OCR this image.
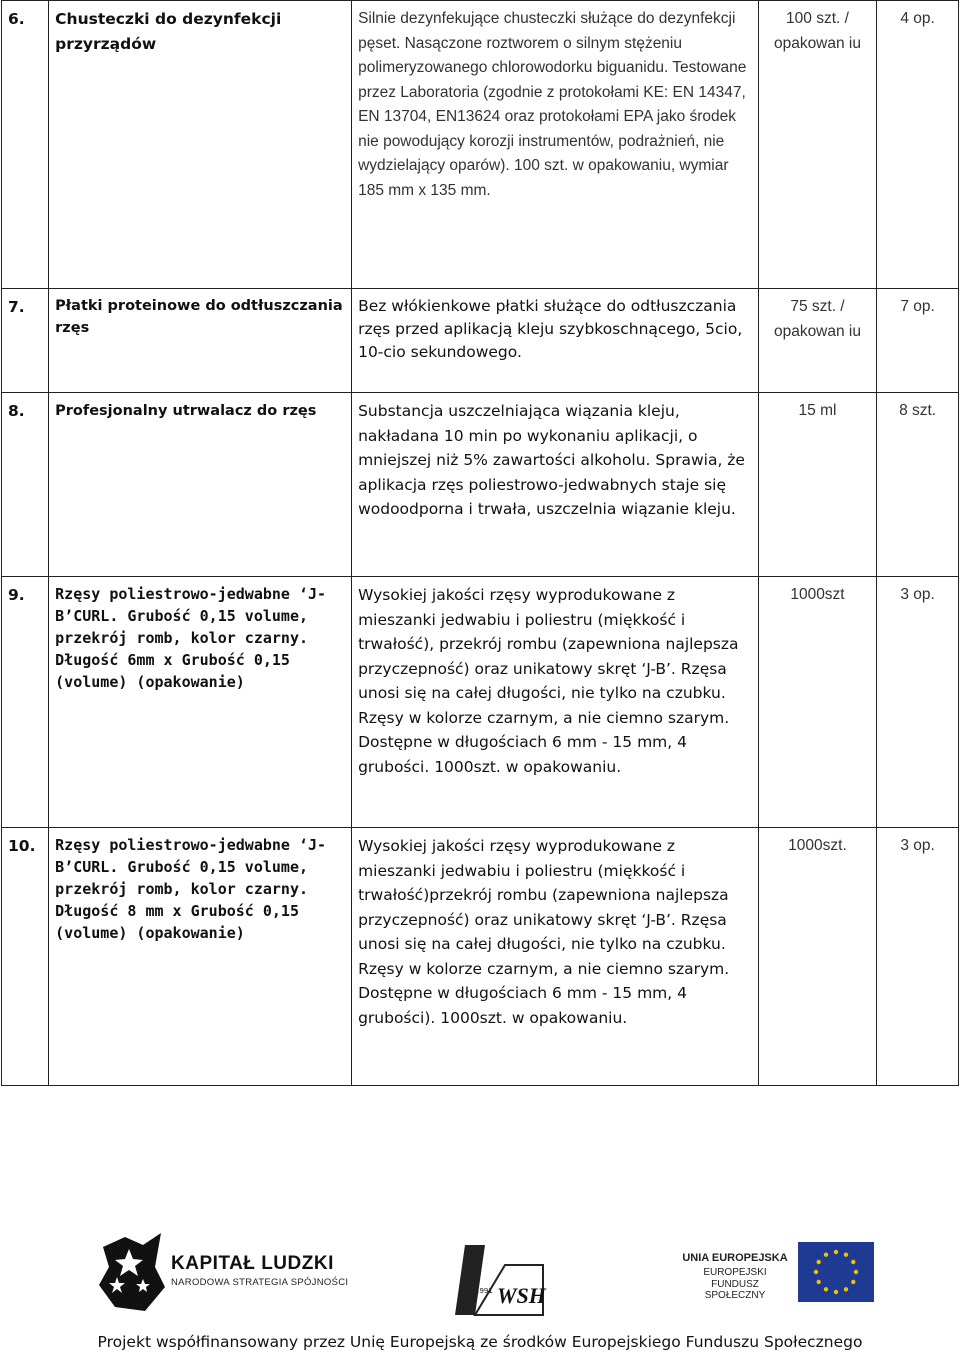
6.	Chusteczki do dezynfekcji przyrządów	Silnie dezynfekujące chusteczki służące do dezynfekcji pęset. Nasączone roztworem o silnym stężeniu polimeryzowanego chlorowodorku biguanidu. Testowane przez Laboratoria (zgodnie z protokołami KE: EN 14347, EN 13704, EN13624 oraz protokołami EPA jako środek nie powodujący korozji instrumentów, podrażnień, nie wydzielający oparów). 100 szt. w opakowaniu, wymiar 185 mm x 135 mm.	100 szt. / opakowan iu	4 op.
7.	Płatki proteinowe do odtłuszczania rzęs	Bez włókienkowe płatki służące do odtłuszczania rzęs przed aplikacją kleju szybkoschnącego, 5cio, 10-cio sekundowego.	75 szt. / opakowan iu	7 op.
8.	Profesjonalny utrwalacz do rzęs	Substancja uszczelniająca wiązania kleju, nakładana 10 min po wykonaniu aplikacji, o mniejszej niż 5% zawartości alkoholu. Sprawia, że aplikacja rzęs poliestrowo-jedwabnych staje się wodoodporna i trwała, uszczelnia wiązanie kleju.	15 ml	8 szt.
9.	Rzęsy poliestrowo-jedwabne ‘J-B’CURL. Grubość 0,15 volume, przekrój romb, kolor czarny. Długość 6mm x Grubość 0,15 (volume) (opakowanie)	Wysokiej jakości rzęsy wyprodukowane z mieszanki jedwabiu i poliestru (miękkość i trwałość), przekrój rombu (zapewniona najlepsza przyczepność) oraz unikatowy skręt ‘J-B’. Rzęsa unosi się na całej długości, nie tylko na czubku. Rzęsy w kolorze czarnym, a nie ciemno szarym. Dostępne w długościach 6 mm - 15 mm, 4 grubości. 1000szt. w opakowaniu.	1000szt	3 op.
10.	Rzęsy poliestrowo-jedwabne ‘J-B’CURL. Grubość 0,15 volume, przekrój romb, kolor czarny. Długość 8 mm x Grubość 0,15 (volume) (opakowanie)	Wysokiej jakości rzęsy wyprodukowane z mieszanki jedwabiu i poliestru (miękkość i trwałość)przekrój rombu (zapewniona najlepsza przyczepność) oraz unikatowy skręt ‘J-B’. Rzęsa unosi się na całej długości, nie tylko na czubku. Rzęsy w kolorze czarnym, a nie ciemno szarym. Dostępne w długościach 6 mm - 15 mm, 4 grubości). 1000szt. w opakowaniu.	1000szt.	3 op.
KAPITAŁ LUDZKI
NARODOWA STRATEGIA SPÓJNOŚCI
1991 WSH
UNIA EUROPEJSKA
EUROPEJSKI
FUNDUSZ SPOŁECZNY
Projekt współfinansowany przez Unię Europejską ze środków Europejskiego Funduszu Społecznego
